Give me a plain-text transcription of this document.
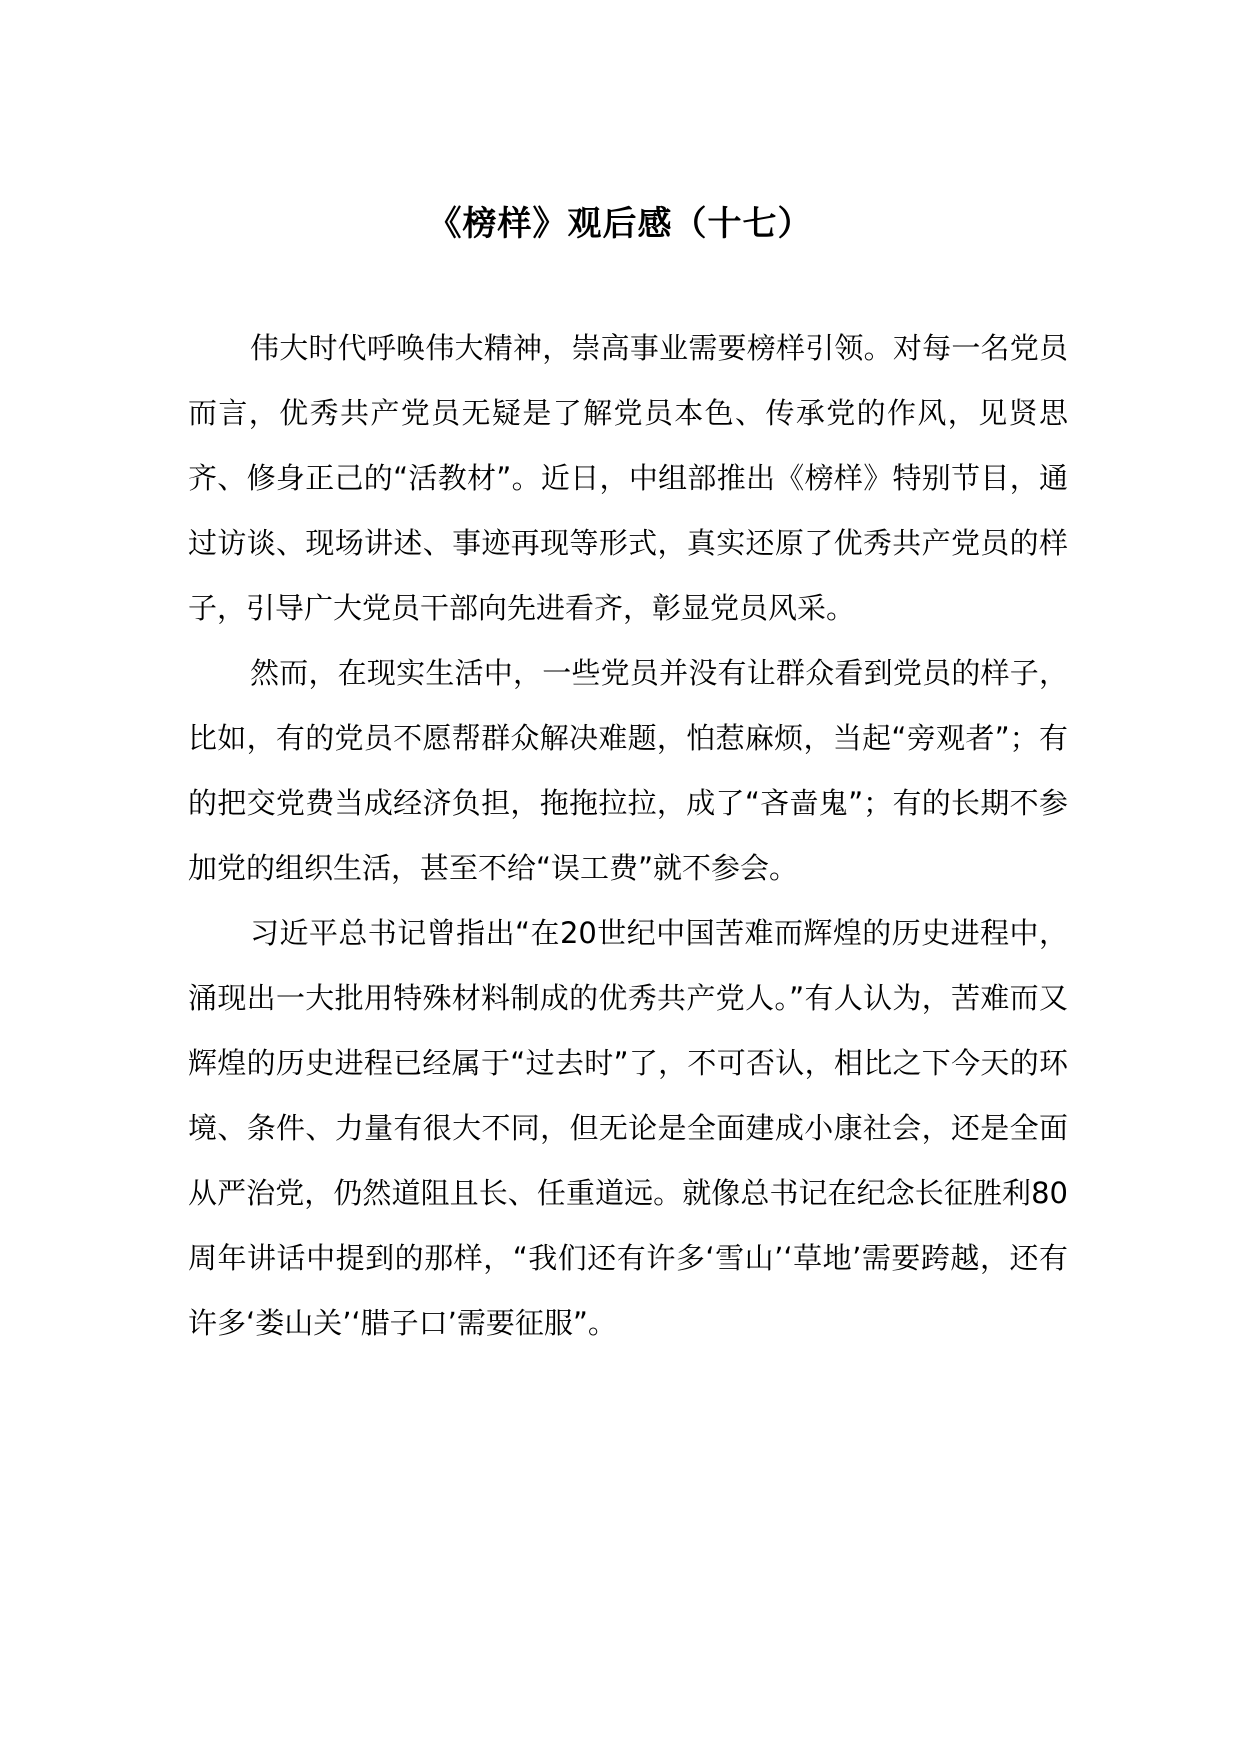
《榜样》观后感（十七）

伟大时代呼唤伟大精神，崇高事业需要榜样引领。对每一名党员而言，优秀共产党员无疑是了解党员本色、传承党的作风，见贤思齐、修身正己的“活教材”。近日，中组部推出《榜样》特别节目，通过访谈、现场讲述、事迹再现等形式，真实还原了优秀共产党员的样子，引导广大党员干部向先进看齐，彰显党员风采。

然而，在现实生活中，一些党员并没有让群众看到党员的样子，比如，有的党员不愿帮群众解决难题，怕惹麻烦，当起“旁观者”；有的把交党费当成经济负担，拖拖拉拉，成了“吝啬鬼”；有的长期不参加党的组织生活，甚至不给“误工费”就不参会。

习近平总书记曾指出“在20世纪中国苦难而辉煌的历史进程中，涌现出一大批用特殊材料制成的优秀共产党人。”有人认为，苦难而又辉煌的历史进程已经属于“过去时”了，不可否认，相比之下今天的环境、条件、力量有很大不同，但无论是全面建成小康社会，还是全面从严治党，仍然道阻且长、任重道远。就像总书记在纪念长征胜利80周年讲话中提到的那样，“我们还有许多‘雪山’‘草地’需要跨越，还有许多‘娄山关’‘腊子口’需要征服”。
